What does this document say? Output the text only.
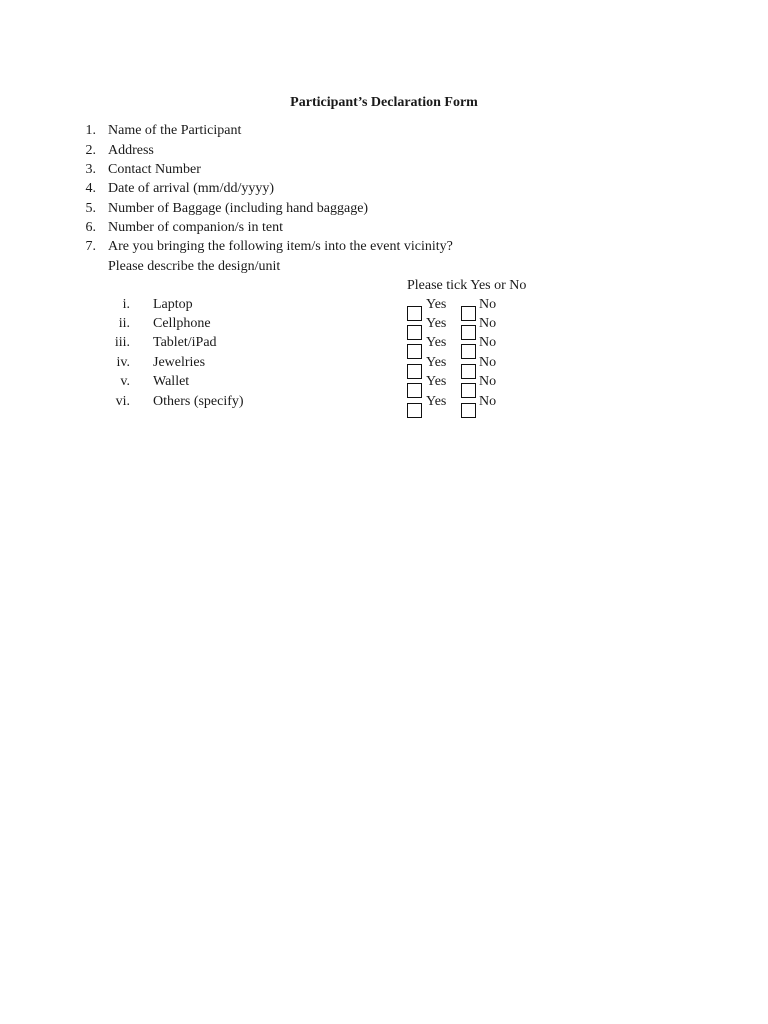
Participant’s Declaration Form
1. Name of the Participant
2. Address
3. Contact Number
4. Date of arrival (mm/dd/yyyy)
5. Number of Baggage (including hand baggage)
6. Number of companion/s in tent
7. Are you bringing the following item/s into the event vicinity?
Please describe the design/unit
Please tick Yes or No
i. Laptop	Yes No
ii. Cellphone	Yes No
iii. Tablet/iPad	Yes No
iv. Jewelries	Yes No
v. Wallet	Yes No
vi. Others (specify)	Yes No
